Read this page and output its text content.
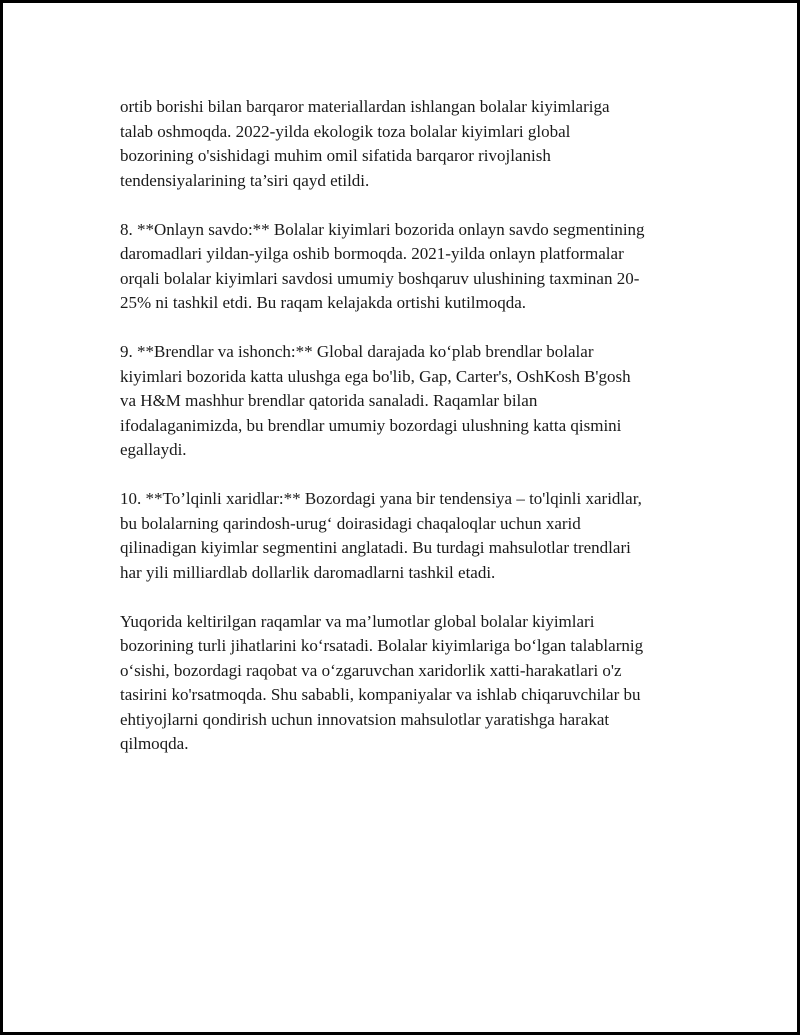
ortib borishi bilan barqaror materiallardan ishlangan bolalar kiyimlariga
talab oshmoqda. 2022-yilda ekologik toza bolalar kiyimlari global
bozorining o'sishidagi muhim omil sifatida barqaror rivojlanish
tendensiyalarining ta’siri qayd etildi.

8. **Onlayn savdo:** Bolalar kiyimlari bozorida onlayn savdo segmentining
daromadlari yildan-yilga oshib bormoqda. 2021-yilda onlayn platformalar
orqali bolalar kiyimlari savdosi umumiy boshqaruv ulushining taxminan 20-
25% ni tashkil etdi. Bu raqam kelajakda ortishi kutilmoqda.

9. **Brendlar va ishonch:** Global darajada ko‘plab brendlar bolalar
kiyimlari bozorida katta ulushga ega bo'lib, Gap, Carter's, OshKosh B'gosh
va H&M mashhur brendlar qatorida sanaladi. Raqamlar bilan
ifodalaganimizda, bu brendlar umumiy bozordagi ulushning katta qismini
egallaydi.

10. **To’lqinli xaridlar:** Bozordagi yana bir tendensiya – to'lqinli xaridlar,
bu bolalarning qarindosh-urug‘ doirasidagi chaqaloqlar uchun xarid
qilinadigan kiyimlar segmentini anglatadi. Bu turdagi mahsulotlar trendlari
har yili milliardlab dollarlik daromadlarni tashkil etadi.

Yuqorida keltirilgan raqamlar va ma’lumotlar global bolalar kiyimlari
bozorining turli jihatlarini ko‘rsatadi. Bolalar kiyimlariga bo‘lgan talablarnig
o‘sishi, bozordagi raqobat va o‘zgaruvchan xaridorlik xatti-harakatlari o'z
tasirini ko'rsatmoqda. Shu sababli, kompaniyalar va ishlab chiqaruvchilar bu
ehtiyojlarni qondirish uchun innovatsion mahsulotlar yaratishga harakat
qilmoqda.
